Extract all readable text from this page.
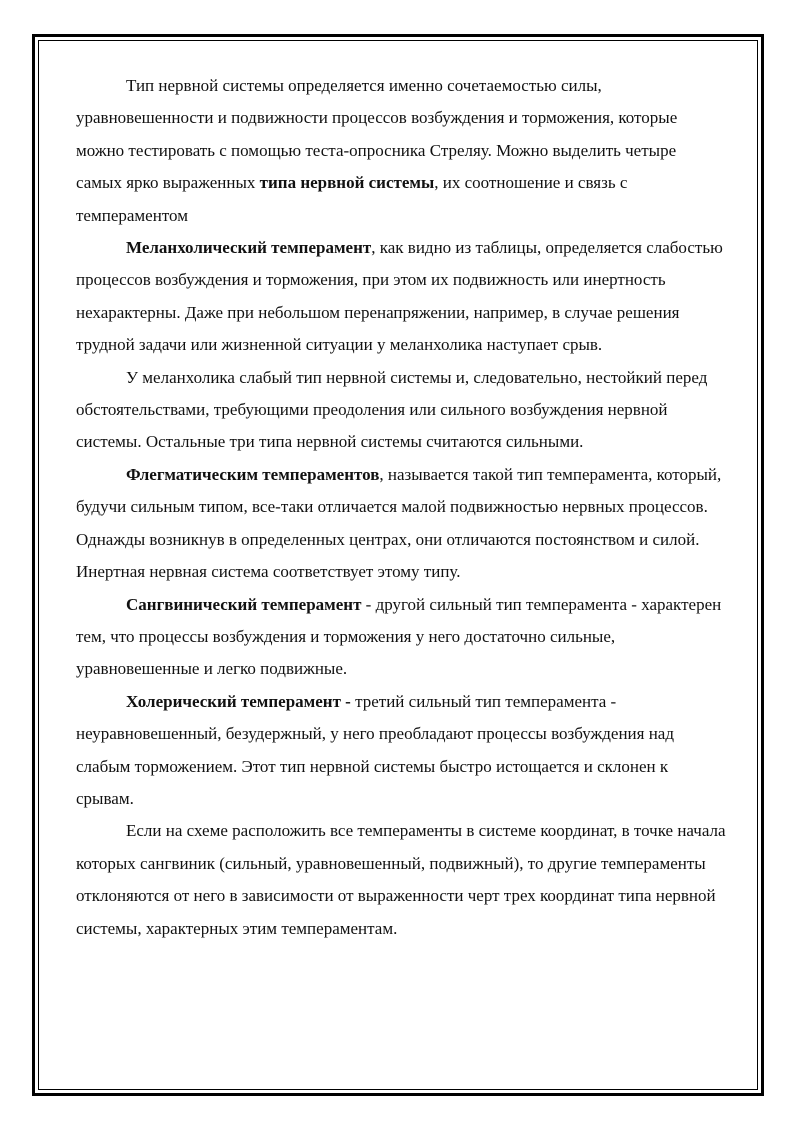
Тип нервной системы определяется именно сочетаемостью силы, уравновешенности и подвижности процессов возбуждения и торможения, которые можно тестировать с помощью теста-опросника Стреляу. Можно выделить четыре самых ярко выраженных типа нервной системы, их соотношение и связь с темпераментом

Меланхолический темперамент, как видно из таблицы, определяется слабостью процессов возбуждения и торможения, при этом их подвижность или инертность нехарактерны. Даже при небольшом перенапряжении, например, в случае решения трудной задачи или жизненной ситуации у меланхолика наступает срыв.

У меланхолика слабый тип нервной системы и, следовательно, нестойкий перед обстоятельствами, требующими преодоления или сильного возбуждения нервной системы. Остальные три типа нервной системы считаются сильными.

Флегматическим темпераментов, называется такой тип темперамента, который, будучи сильным типом, все-таки отличается малой подвижностью нервных процессов. Однажды возникнув в определенных центрах, они отличаются постоянством и силой. Инертная нервная система соответствует этому типу.

Сангвинический темперамент - другой сильный тип темперамента - характерен тем, что процессы возбуждения и торможения у него достаточно сильные, уравновешенные и легко подвижные.

Холерический темперамент - третий сильный тип темперамента - неуравновешенный, безудержный, у него преобладают процессы возбуждения над слабым торможением. Этот тип нервной системы быстро истощается и склонен к срывам.

Если на схеме расположить все темпераменты в системе координат, в точке начала которых сангвиник (сильный, уравновешенный, подвижный), то другие темпераменты отклоняются от него в зависимости от выраженности черт трех координат типа нервной системы, характерных этим темпераментам.
